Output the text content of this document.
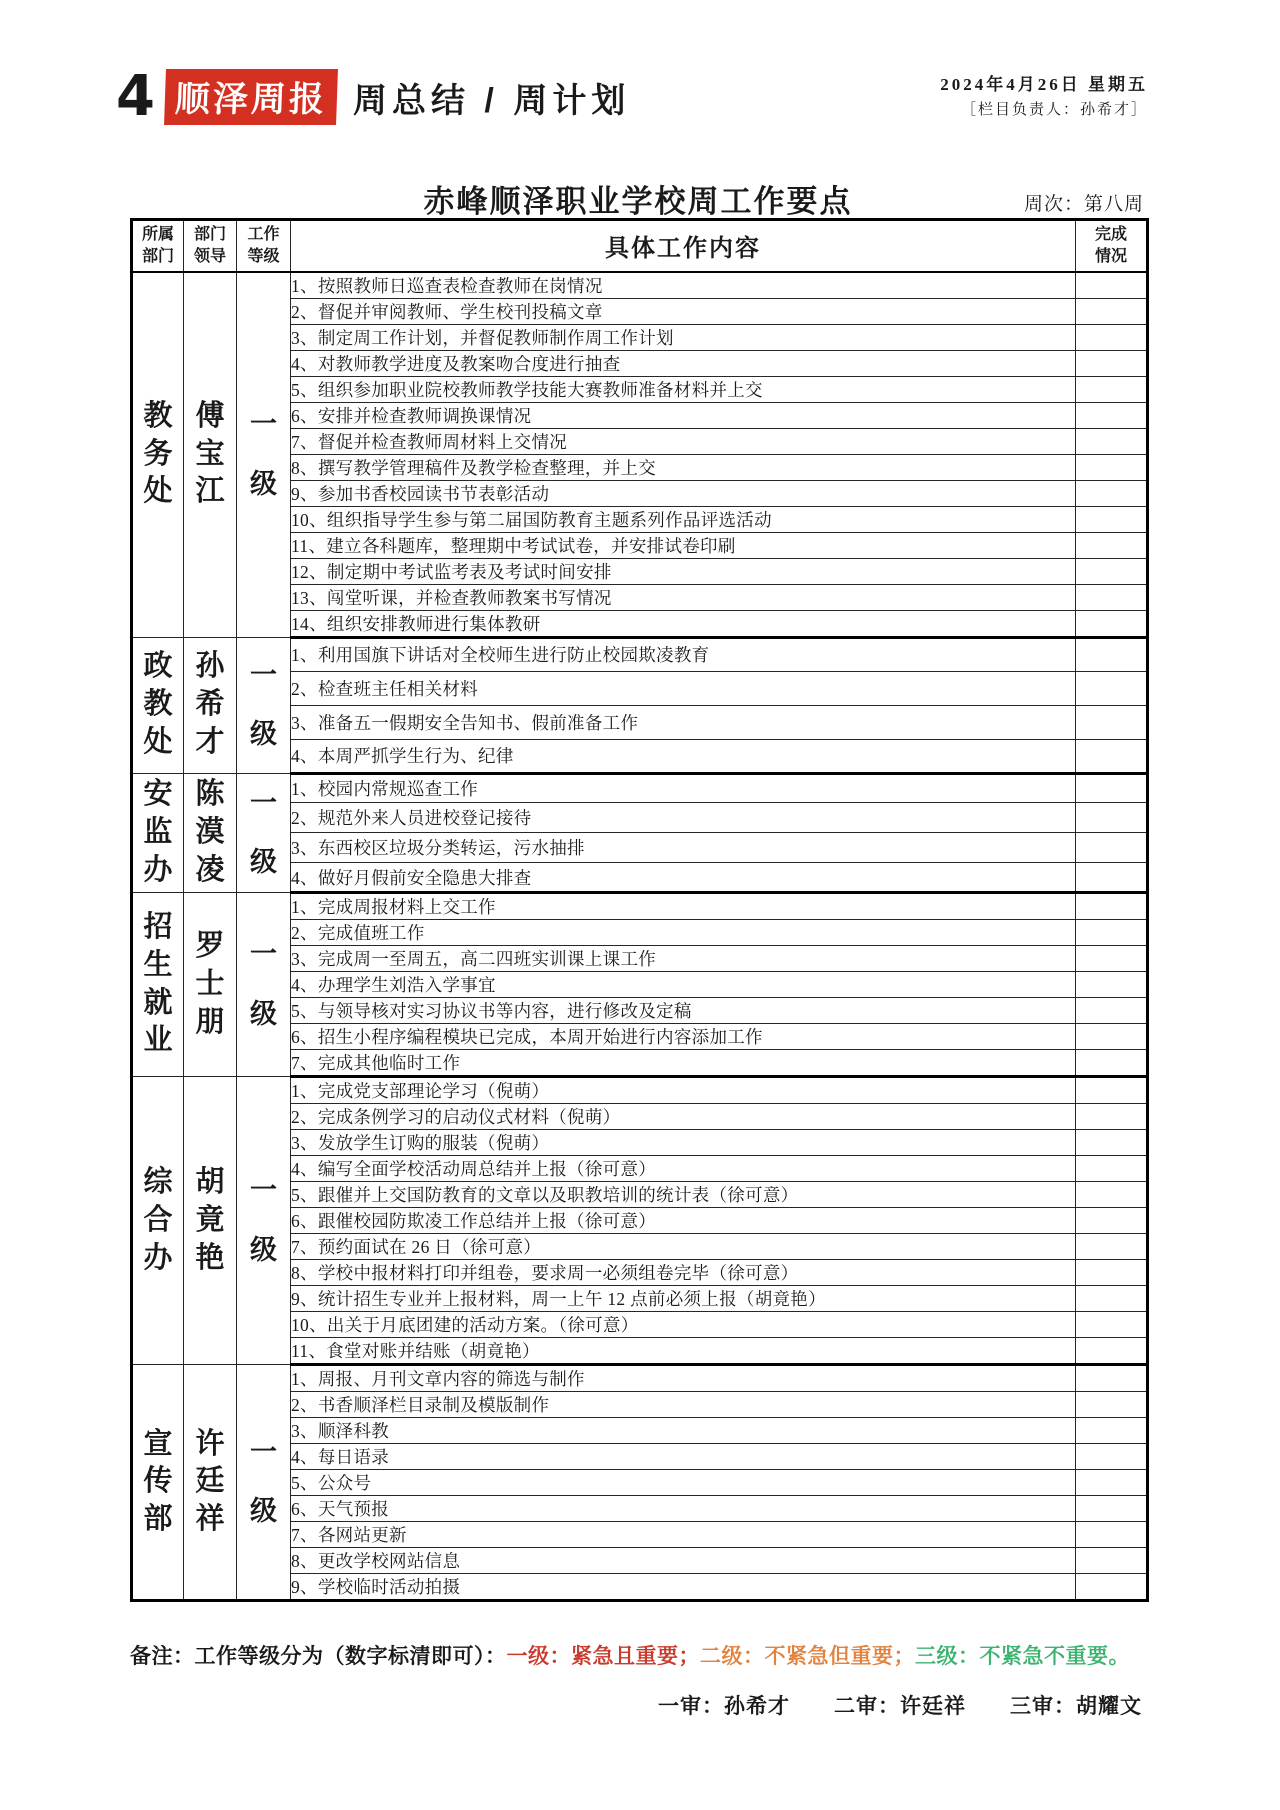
4 顺泽周报 周总结 / 周计划	2024年4月26日 星期五
［栏目负责人：孙希才］
赤峰顺泽职业学校周工作要点	周次：第八周
所属部门	部门领导	工作等级	具体工作内容	完成情况

教务处	傅宝江	一级	1、按照教师日巡查表检查教师在岗情况	
			2、督促并审阅教师、学生校刊投稿文章	
			3、制定周工作计划，并督促教师制作周工作计划	
			4、对教师教学进度及教案吻合度进行抽查	
			5、组织参加职业院校教师教学技能大赛教师准备材料并上交	
			6、安排并检查教师调换课情况	
			7、督促并检查教师周材料上交情况	
			8、撰写教学管理稿件及教学检查整理，并上交	
			9、参加书香校园读书节表彰活动	
			10、组织指导学生参与第二届国防教育主题系列作品评选活动	
			11、建立各科题库，整理期中考试试卷，并安排试卷印刷	
			12、制定期中考试监考表及考试时间安排	
			13、闯堂听课，并检查教师教案书写情况	
			14、组织安排教师进行集体教研	

政教处	孙希才	一级	1、利用国旗下讲话对全校师生进行防止校园欺凌教育	
			2、检查班主任相关材料	
			3、准备五一假期安全告知书、假前准备工作	
			4、本周严抓学生行为、纪律	

安监办	陈漠凌	一级	1、校园内常规巡查工作	
			2、规范外来人员进校登记接待	
			3、东西校区垃圾分类转运，污水抽排	
			4、做好月假前安全隐患大排查	

招生就业	罗士朋	一级	1、完成周报材料上交工作	
			2、完成值班工作	
			3、完成周一至周五，高二四班实训课上课工作	
			4、办理学生刘浩入学事宜	
			5、与领导核对实习协议书等内容，进行修改及定稿	
			6、招生小程序编程模块已完成，本周开始进行内容添加工作	
			7、完成其他临时工作	

综合办	胡竟艳	一级	1、完成党支部理论学习（倪萌）	
			2、完成条例学习的启动仪式材料（倪萌）	
			3、发放学生订购的服装（倪萌）	
			4、编写全面学校活动周总结并上报（徐可意）	
			5、跟催并上交国防教育的文章以及职教培训的统计表（徐可意）	
			6、跟催校园防欺凌工作总结并上报（徐可意）	
			7、预约面试在 26 日（徐可意）	
			8、学校中报材料打印并组卷，要求周一必须组卷完毕（徐可意）	
			9、统计招生专业并上报材料，周一上午 12 点前必须上报（胡竟艳）	
			10、出关于月底团建的活动方案。（徐可意）	
			11、食堂对账并结账（胡竟艳）	

宣传部	许廷祥	一级	1、周报、月刊文章内容的筛选与制作	
			2、书香顺泽栏目录制及模版制作	
			3、顺泽科教	
			4、每日语录	
			5、公众号	
			6、天气预报	
			7、各网站更新	
			8、更改学校网站信息	
			9、学校临时活动拍摄	
备注：工作等级分为（数字标清即可）：一级：紧急且重要；二级：不紧急但重要；三级：不紧急不重要。
一审：孙希才　　二审：许廷祥　　三审：胡耀文
